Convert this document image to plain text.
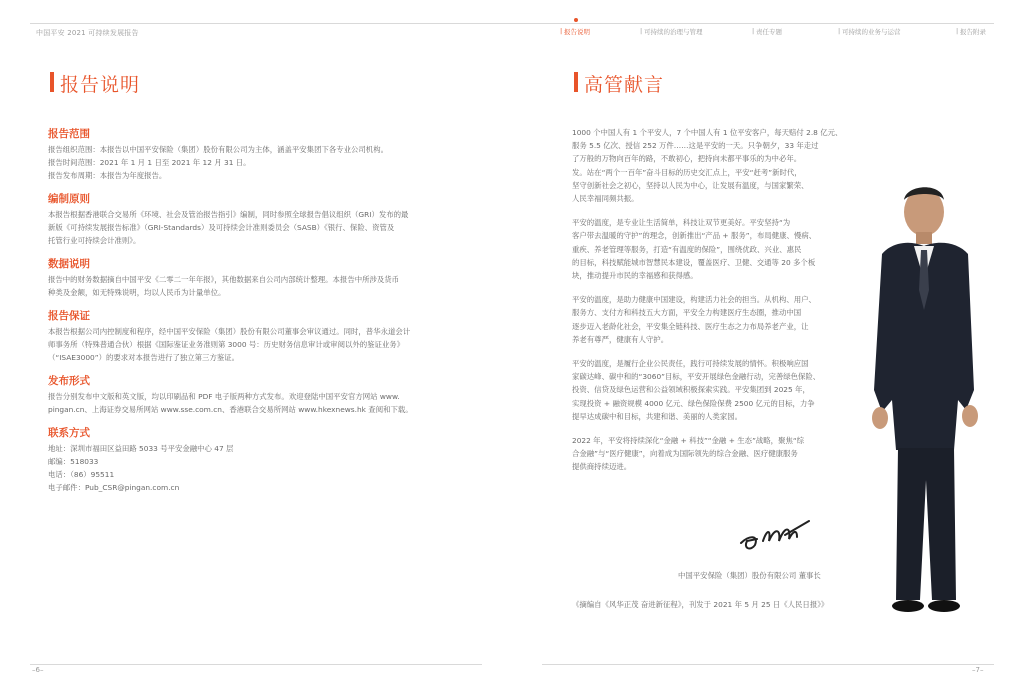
中国平安 2021 可持续发展报告	报告说明	可持续的治理与管理	责任专题	可持续的业务与运营	报告附录
|	|	|	|	|
报告说明
报告范围
报告组织范围：本报告以中国平安保险（集团）股份有限公司为主体，涵盖平安集团下各专业公司机构。
报告时间范围：2021 年 1 月 1 日至 2021 年 12 月 31 日。
报告发布周期：本报告为年度报告。
编制原则
本报告根据香港联合交易所《环境、社会及管治报告指引》编制，同时参照全球报告倡议组织（GRI）发布的最
新版《可持续发展报告标准》（GRI-Standards）及可持续会计准则委员会（SASB）《银行、保险、资管及
托管行业可持续会计准则》。
数据说明
报告中的财务数据摘自中国平安《二零二一年年报》，其他数据来自公司内部统计整理。本报告中所涉及货币
种类及金额，如无特殊说明，均以人民币为计量单位。
报告保证
本报告根据公司内控制度和程序，经中国平安保险（集团）股份有限公司董事会审议通过。同时，普华永道会计
师事务所（特殊普通合伙）根据《国际鉴证业务准则第 3000 号：历史财务信息审计或审阅以外的鉴证业务》
（“ISAE3000”）的要求对本报告进行了独立第三方鉴证。
发布形式
报告分别发布中文版和英文版，均以印刷品和 PDF 电子版两种方式发布。欢迎登陆中国平安官方网站 www.
pingan.cn、上海证券交易所网站 www.sse.com.cn、香港联合交易所网站 www.hkexnews.hk 查阅和下载。
联系方式
地址：深圳市福田区益田路 5033 号平安金融中心 47 层
邮编：518033
电话：（86）95511
电子邮件：Pub_CSR@pingan.com.cn
–6–
高管献言
1000 个中国人有 1 个平安人，7 个中国人有 1 位平安客户，每天赔付 2.8 亿元、
服务 5.5 亿次、授信 252 万件……这是平安的一天。只争朝夕，33 年走过
了万般的万物向百年的路，不敢初心，把持向未都平事乐的为中必年。
发。站在“两个一百年”奋斗目标的历史交汇点上，平安“赶考”新时代，
坚守创新社会之初心，坚持以人民为中心，让发展有温度，与国家繁荣、
人民幸福同频共振。
平安的温度，是专业让生活简单，科技让双节更美好。平安坚持“为
客户带去温暖的守护”的理念，创新推出“产品 + 服务”，布局健康、慢病、
重疾、养老管理等服务，打造“有温度的保险”，围绕优政、兴业、惠民
的目标，科技赋能城市智慧民本建设，覆盖医疗、卫健、交通等 20 多个板
块，推动提升市民的幸福感和获得感。
平安的温度，是助力健康中国建设，构建活力社会的担当。从机构、用户、
服务方、支付方和科技五大方面，平安全力构建医疗生态圈，推动中国
逐步迈入老龄化社会，平安集全链科技、医疗生态之力布局养老产业，让
养老有尊严，健康有人守护。
平安的温度，是履行企业公民责任，践行可持续发展的情怀。积极响应国
家碳达峰、碳中和的“3060”目标，平安开展绿色金融行动，完善绿色保险、
投资、信贷及绿色运营和公益领域积极探索实践。平安集团到 2025 年，
实现投资 + 融资规模 4000 亿元、绿色保险保费 2500 亿元的目标，力争
提早达成碳中和目标，共建和谐、美丽的人类家园。
2022 年，平安将持续深化“金融 + 科技”“金融 + 生态”战略，聚焦“综
合金融”与“医疗健康”，向着成为国际领先的综合金融、医疗健康服务
提供商持续迈进。
中国平安保险（集团）股份有限公司 董事长
《摘编自《风华正茂 奋进新征程》，刊发于 2021 年 5 月 25 日《人民日报》》
–7–
